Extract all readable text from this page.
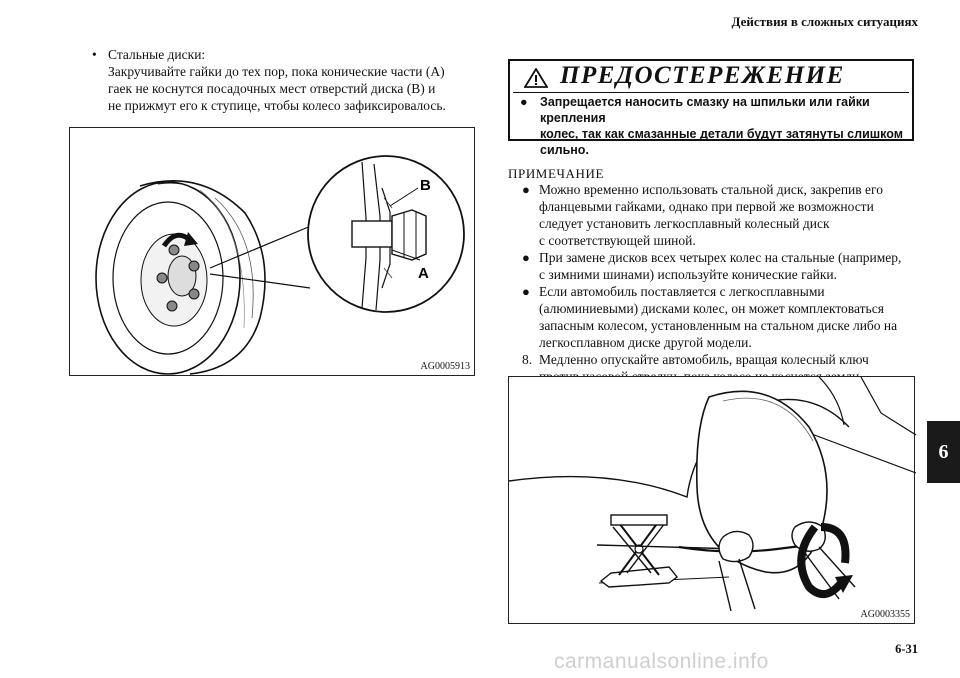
Действия в сложных ситуациях
• Стальные диски:
Закручивайте гайки до тех пор, пока конические части (A)
гаек не коснутся посадочных мест отверстий диска (B) и
не прижмут его к ступице, чтобы колесо зафиксировалось.
B
A
AG0005913
ПРЕДОСТЕРЕЖЕНИЕ
● Запрещается наносить смазку на шпильки или гайки крепления
колес, так как смазанные детали будут затянуты слишком
сильно.
ПРИМЕЧАНИЕ
● Можно временно использовать стальной диск, закрепив его
фланцевыми гайками, однако при первой же возможности
следует установить легкосплавный колесный диск
с соответствующей шиной.
● При замене дисков всех четырех колес на стальные (например,
с зимними шинами) используйте конические гайки.
● Если автомобиль поставляется с легкосплавными
(алюминиевыми) дисками колес, он может комплектоваться
запасным колесом, установленным на стальном диске либо на
легкосплавном диске другой модели.
8. Медленно опускайте автомобиль, вращая колесный ключ
AG0003355
6
6-31
carmanualsonline.info
